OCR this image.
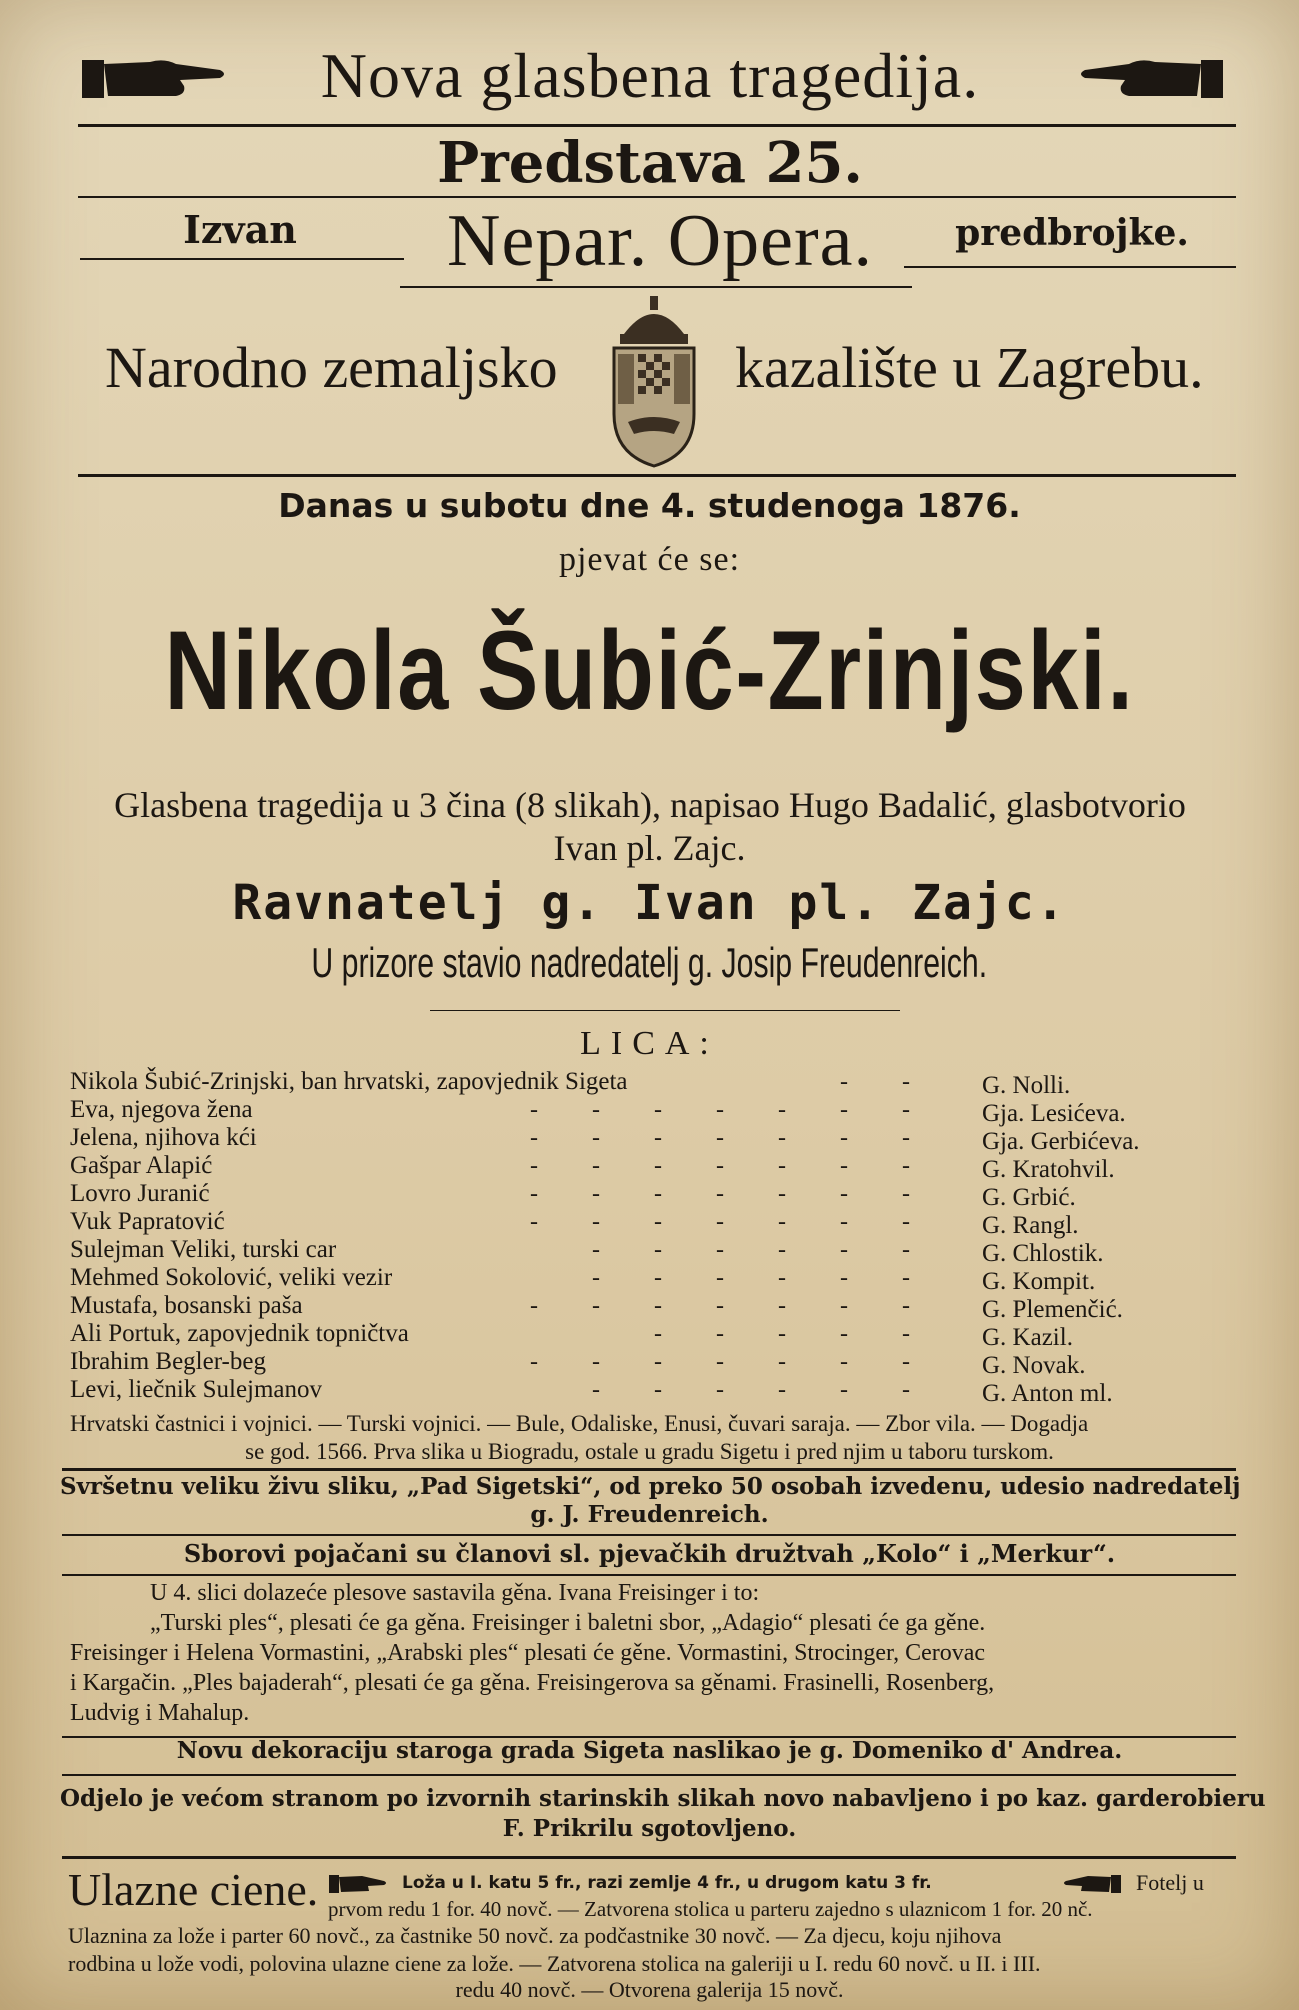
Nova glasbena tragedija.
Predstava 25.
Izvan	Nepar. Opera.	predbrojke.
Narodno zemaljsko	kazalište u Zagrebu.
Danas u subotu dne 4. studenoga 1876.
pjevat će se:
Nikola Šubić-Zrinjski.
Glasbena tragedija u 3 čina (8 slikah), napisao Hugo Badalić, glasbotvorio
Ivan pl. Zajc.
Ravnatelj g. Ivan pl. Zajc.
U prizore stavio nadredatelj g. Josip Freudenreich.
LICA:
Nikola Šubić-Zrinjski, ban hrvatski, zapovjednik Sigeta	-   -	G. Nolli.
Eva, njegova žena	-   -   -   -   -   -   -	Gja. Lesićeva.
Jelena, njihova kći	-   -   -   -   -   -   -	Gja. Gerbićeva.
Gašpar Alapić	-   -   -   -   -   -   -	G. Kratohvil.
Lovro Juranić	-   -   -   -   -   -   -	G. Grbić.
Vuk Papratović	-   -   -   -   -   -   -	G. Rangl.
Sulejman Veliki, turski car	-   -   -   -   -   -	G. Chlostik.
Mehmed Sokolović, veliki vezir	-   -   -   -   -   -	G. Kompit.
Mustafa, bosanski paša	-   -   -   -   -   -   -	G. Plemenčić.
Ali Portuk, zapovjednik topničtva	-   -   -   -   -	G. Kazil.
Ibrahim Begler-beg	-   -   -   -   -   -   -	G. Novak.
Levi, liečnik Sulejmanov	-   -   -   -   -   -	G. Anton ml.
Hrvatski častnici i vojnici. — Turski vojnici. — Bule, Odaliske, Enusi, čuvari saraja. — Zbor vila. — Dogadja
se god. 1566. Prva slika u Biogradu, ostale u gradu Sigetu i pred njim u taboru turskom.
Svršetnu veliku živu sliku, „Pad Sigetski“, od preko 50 osobah izvedenu, udesio nadredatelj
g. J. Freudenreich.
Sborovi pojačani su članovi sl. pjevačkih družtvah „Kolo“ i „Merkur“.
U 4. slici dolazeće plesove sastavila gěna. Ivana Freisinger i to:
„Turski ples“, plesati će ga gěna. Freisinger i baletni sbor, „Adagio“ plesati će ga gěne.
Freisinger i Helena Vormastini, „Arabski ples“ plesati će gěne. Vormastini, Strocinger, Cerovac
i Kargačin. „Ples bajaderah“, plesati će ga gěna. Freisingerova sa gěnami. Frasinelli, Rosenberg,
Ludvig i Mahalup.
Novu dekoraciju staroga grada Sigeta naslikao je g. Domeniko d' Andrea.
Odjelo je većom stranom po izvornih starinskih slikah novo nabavljeno i po kaz. garderobieru
F. Prikrilu sgotovljeno.
Ulazne ciene.	Loža u I. katu 5 fr., razi zemlje 4 fr., u drugom katu 3 fr.	Fotelj u
prvom redu 1 for. 40 novč. — Zatvorena stolica u parteru zajedno s ulaznicom 1 for. 20 nč.
Ulaznina za lože i parter 60 novč., za častnike 50 novč. za podčastnike 30 novč. — Za djecu, koju njihova
rodbina u lože vodi, polovina ulazne ciene za lože. — Zatvorena stolica na galeriji u I. redu 60 novč. u II. i III.
redu 40 novč. — Otvorena galerija 15 novč.
